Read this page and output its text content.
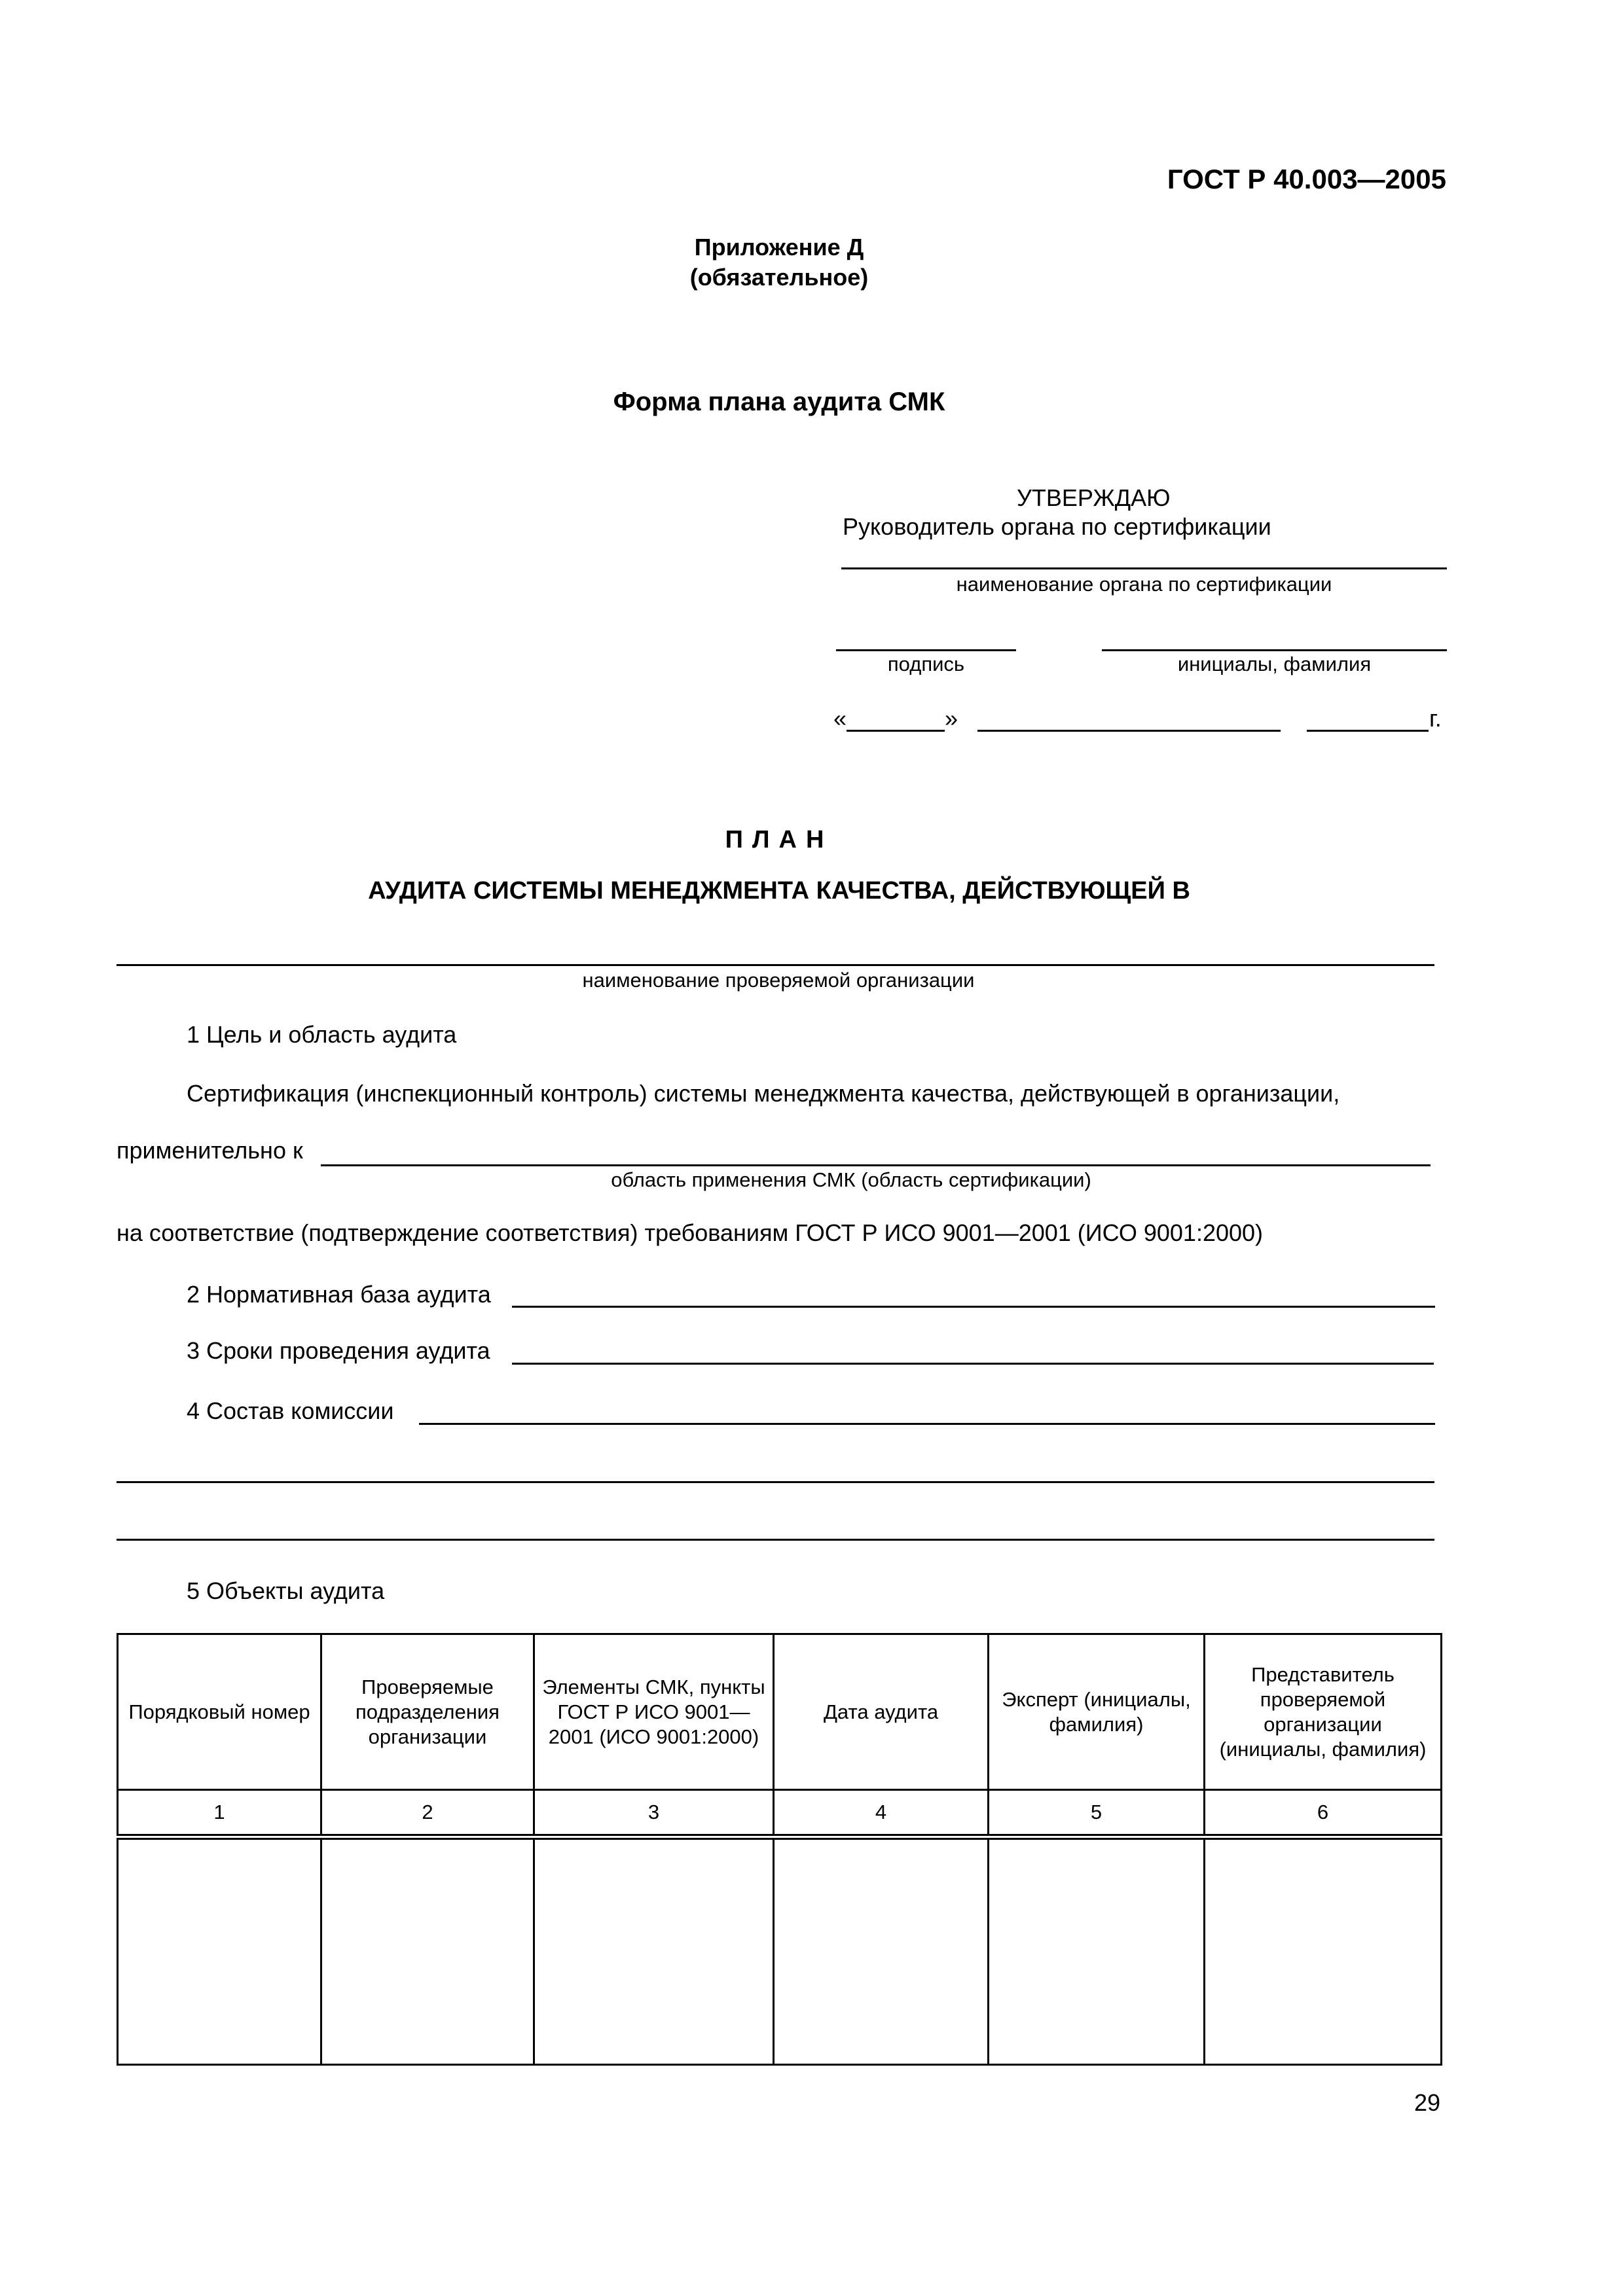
ГОСТ Р 40.003—2005
Приложение Д
(обязательное)
Форма плана аудита СМК
УТВЕРЖДАЮ
Руководитель органа по сертификации
наименование органа по сертификации
подпись	инициалы, фамилия
«	»	г.
ПЛАН
АУДИТА СИСТЕМЫ МЕНЕДЖМЕНТА КАЧЕСТВА, ДЕЙСТВУЮЩЕЙ В
наименование проверяемой организации
1 Цель и область аудита
Сертификация (инспекционный контроль) системы менеджмента качества, действующей в организации,
применительно к
область применения СМК (область сертификации)
на соответствие (подтверждение соответствия) требованиям ГОСТ Р ИСО 9001—2001 (ИСО 9001:2000)
2 Нормативная база аудита
3 Сроки проведения аудита
4 Состав комиссии
5 Объекты аудита
Порядковый номер	Проверяемые подразделения организации	Элементы СМК, пункты ГОСТ Р ИСО 9001—2001 (ИСО 9001:2000)	Дата аудита	Эксперт (инициалы, фамилия)	Представитель проверяемой организации (инициалы, фамилия)
1	2	3	4	5	6

29
